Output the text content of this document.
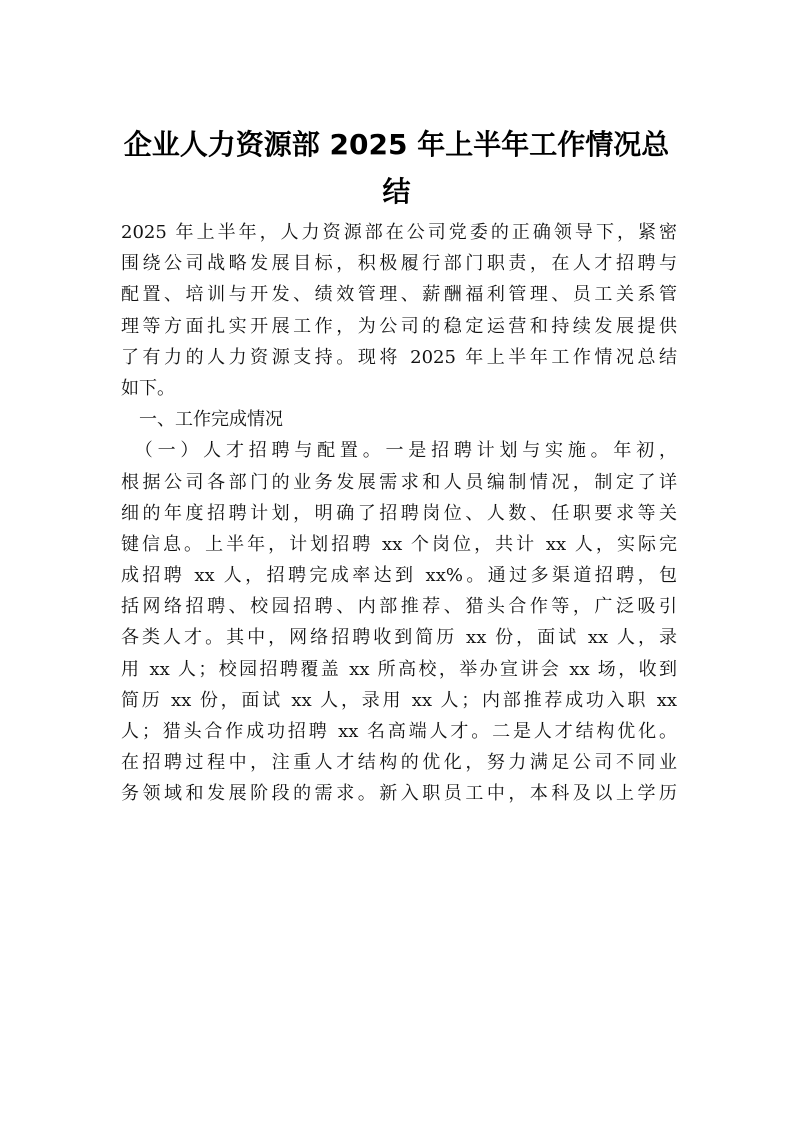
企业人力资源部 2025 年上半年工作情况总
结
2025 年上半年，人力资源部在公司党委的正确领导下，紧密
围绕公司战略发展目标，积极履行部门职责，在人才招聘与
配置、培训与开发、绩效管理、薪酬福利管理、员工关系管
理等方面扎实开展工作，为公司的稳定运营和持续发展提供
了有力的人力资源支持。现将 2025 年上半年工作情况总结
如下。
　一、工作完成情况
　（一）人才招聘与配置。一是招聘计划与实施。年初，
根据公司各部门的业务发展需求和人员编制情况，制定了详
细的年度招聘计划，明确了招聘岗位、人数、任职要求等关
键信息。上半年，计划招聘 xx 个岗位，共计 xx 人，实际完
成招聘 xx 人，招聘完成率达到 xx%。通过多渠道招聘，包
括网络招聘、校园招聘、内部推荐、猎头合作等，广泛吸引
各类人才。其中，网络招聘收到简历 xx 份，面试 xx 人，录
用 xx 人；校园招聘覆盖 xx 所高校，举办宣讲会 xx 场，收到
简历 xx 份，面试 xx 人，录用 xx 人；内部推荐成功入职 xx
人；猎头合作成功招聘 xx 名高端人才。二是人才结构优化。
在招聘过程中，注重人才结构的优化，努力满足公司不同业
务领域和发展阶段的需求。新入职员工中，本科及以上学历
